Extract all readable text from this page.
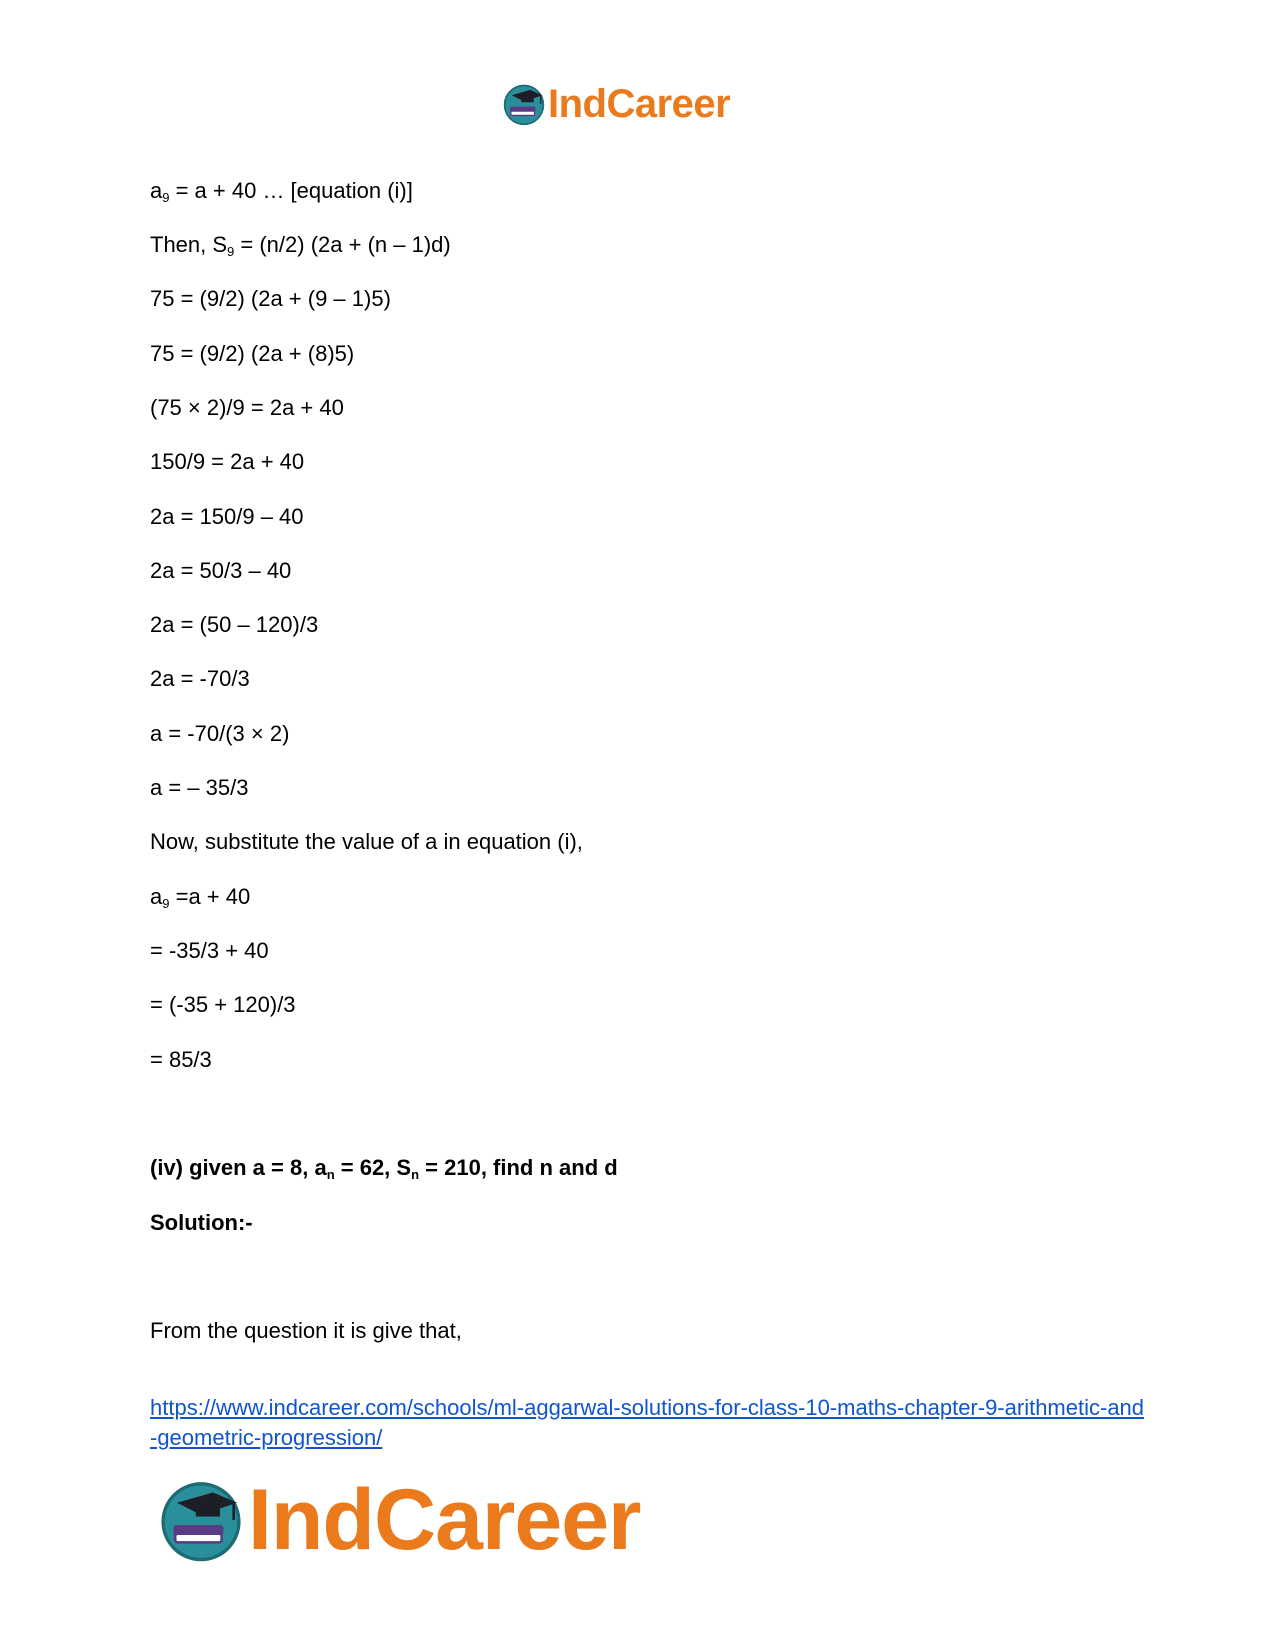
IndCareer
$a_9 = a + 40$ … [equation (i)]
Then, $S_9 = (n/2) (2a + (n - 1)d)$
75 = (9/2) (2a + (9 – 1)5)
75 = (9/2) (2a + (8)5)
(75 × 2)/9 = 2a + 40
150/9 = 2a + 40
2a = 150/9 – 40
2a = 50/3 – 40
2a = (50 – 120)/3
2a = -70/3
a = -70/(3 × 2)
a = – 35/3
Now, substitute the value of a in equation (i),
$a_9 =a + 40$
= -35/3 + 40
= (-35 + 120)/3
= 85/3
(iv) given a = 8, $a_n = 62$, $S_n = 210$, find n and d
Solution:-
From the question it is give that,
https://www.indcareer.com/schools/ml-aggarwal-solutions-for-class-10-maths-chapter-9-arithmetic-and-geometric-progression/
IndCareer
